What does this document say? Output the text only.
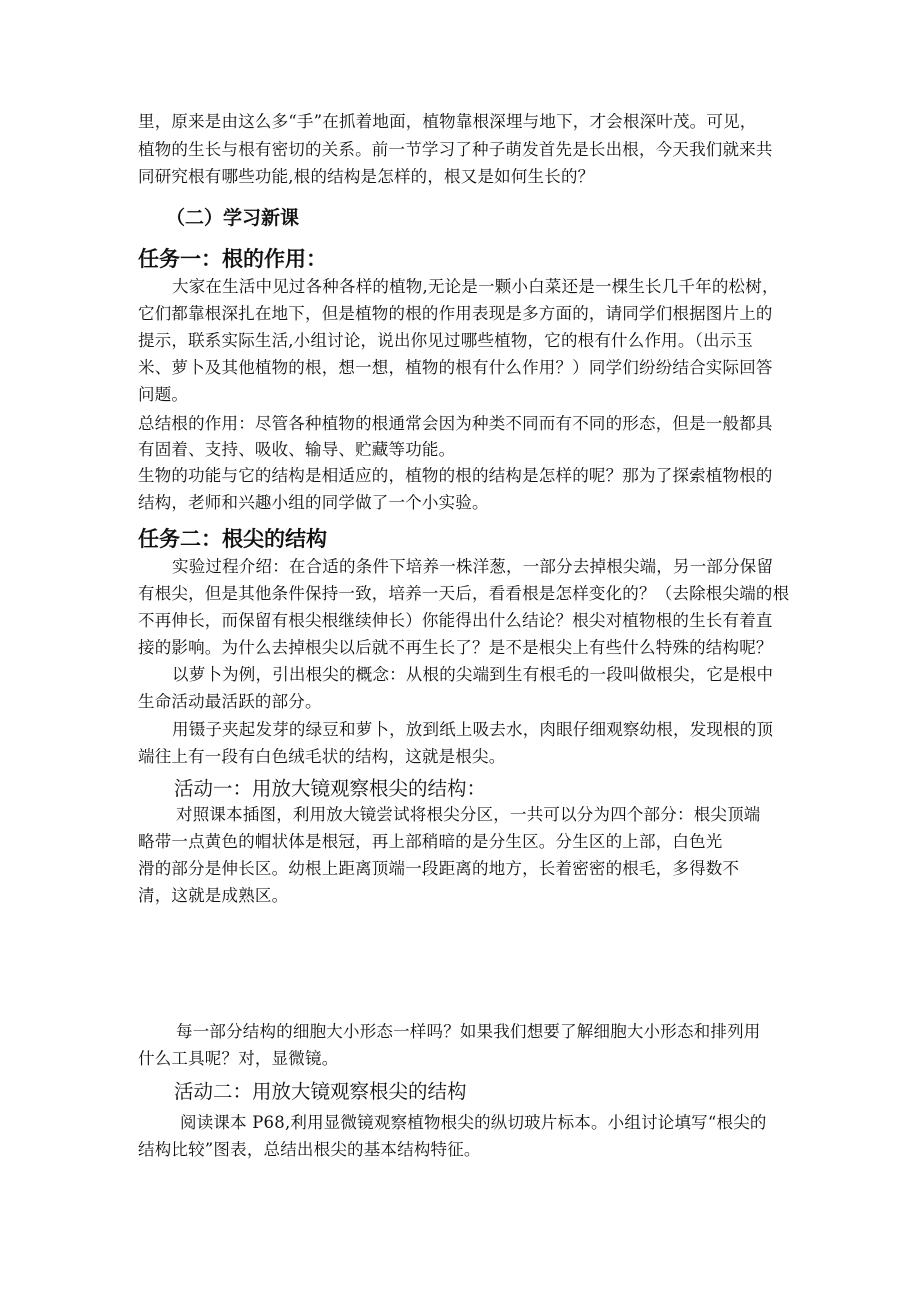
里，原来是由这么多“手”在抓着地面，植物靠根深埋与地下，才会根深叶茂。可见，
植物的生长与根有密切的关系。前一节学习了种子萌发首先是长出根，今天我们就来共
同研究根有哪些功能,根的结构是怎样的，根又是如何生长的？
（二）学习新课
任务一：根的作用：
大家在生活中见过各种各样的植物,无论是一颗小白菜还是一棵生长几千年的松树，
它们都靠根深扎在地下，但是植物的根的作用表现是多方面的，请同学们根据图片上的
提示，联系实际生活,小组讨论，说出你见过哪些植物，它的根有什么作用。（出示玉
米、萝卜及其他植物的根，想一想，植物的根有什么作用？）同学们纷纷结合实际回答
问题。
总结根的作用：尽管各种植物的根通常会因为种类不同而有不同的形态，但是一般都具
有固着、支持、吸收、输导、贮藏等功能。
生物的功能与它的结构是相适应的，植物的根的结构是怎样的呢？那为了探索植物根的
结构，老师和兴趣小组的同学做了一个小实验。
任务二：根尖的结构
实验过程介绍：在合适的条件下培养一株洋葱，一部分去掉根尖端，另一部分保留
有根尖，但是其他条件保持一致，培养一天后，看看根是怎样变化的？（去除根尖端的根
不再伸长，而保留有根尖根继续伸长）你能得出什么结论？根尖对植物根的生长有着直
接的影响。为什么去掉根尖以后就不再生长了？是不是根尖上有些什么特殊的结构呢？
以萝卜为例，引出根尖的概念：从根的尖端到生有根毛的一段叫做根尖，它是根中
生命活动最活跃的部分。
用镊子夹起发芽的绿豆和萝卜，放到纸上吸去水，肉眼仔细观察幼根，发现根的顶
端往上有一段有白色绒毛状的结构，这就是根尖。
活动一：用放大镜观察根尖的结构：
对照课本插图，利用放大镜尝试将根尖分区，一共可以分为四个部分：根尖顶端
略带一点黄色的帽状体是根冠，再上部稍暗的是分生区。分生区的上部，白色光
滑的部分是伸长区。幼根上距离顶端一段距离的地方，长着密密的根毛，多得数不
清，这就是成熟区。
每一部分结构的细胞大小形态一样吗？如果我们想要了解细胞大小形态和排列用
什么工具呢？对，显微镜。
活动二：用放大镜观察根尖的结构
阅读课本 P68,利用显微镜观察植物根尖的纵切玻片标本。小组讨论填写“根尖的
结构比较”图表，总结出根尖的基本结构特征。
